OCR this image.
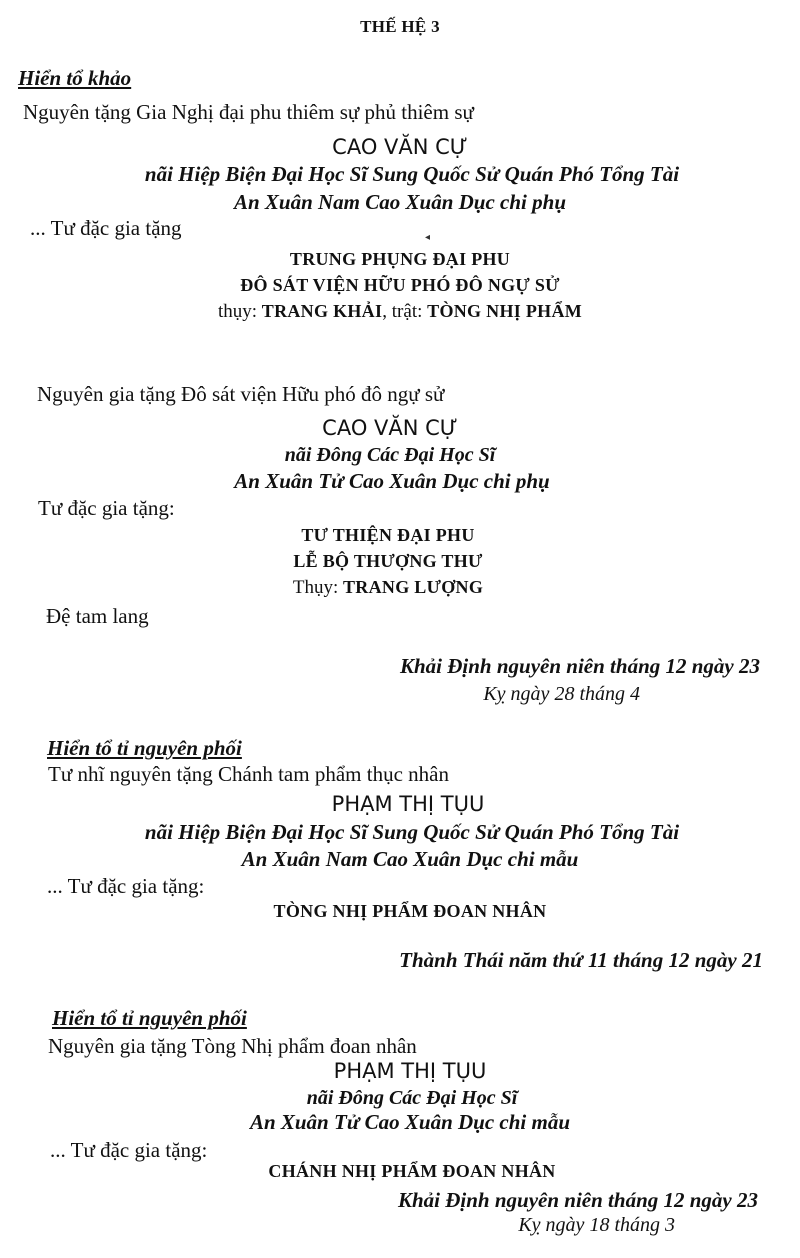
THẾ HỆ 3
Hiển tổ khảo
Nguyên tặng Gia Nghị đại phu thiêm sự phủ thiêm sự
CAO VĂN CỰ
nãi Hiệp Biện Đại Học Sĩ Sung Quốc Sử Quán Phó Tổng Tài
An Xuân Nam Cao Xuân Dục chi phụ
... Tư đặc gia tặng	◂
TRUNG PHỤNG ĐẠI PHU
ĐÔ SÁT VIỆN HỮU PHÓ ĐÔ NGỰ SỬ
thụy: TRANG KHẢI, trật: TÒNG NHỊ PHẨM
Nguyên gia tặng Đô sát viện Hữu phó đô ngự sử
CAO VĂN CỰ
nãi Đông Các Đại Học Sĩ
An Xuân Tử Cao Xuân Dục chi phụ
Tư đặc gia tặng:
TƯ THIỆN ĐẠI PHU
LỄ BỘ THƯỢNG THƯ
Thụy: TRANG LƯỢNG
Đệ tam lang
Khải Định nguyên niên tháng 12 ngày 23
Kỵ ngày 28 tháng 4
Hiển tổ tỉ nguyên phối
Tư nhĩ nguyên tặng Chánh tam phẩm thục nhân
PHẠM THỊ TỤU
nãi Hiệp Biện Đại Học Sĩ Sung Quốc Sử Quán Phó Tổng Tài
An Xuân Nam Cao Xuân Dục chi mẫu
... Tư đặc gia tặng:
TÒNG NHỊ PHẨM ĐOAN NHÂN
Thành Thái năm thứ 11 tháng 12 ngày 21
Hiển tổ tỉ nguyên phối
Nguyên gia tặng Tòng Nhị phẩm đoan nhân
PHẠM THỊ TỤU
nãi Đông Các Đại Học Sĩ
An Xuân Tử Cao Xuân Dục chi mẫu
... Tư đặc gia tặng:
CHÁNH NHỊ PHẨM ĐOAN NHÂN
Khải Định nguyên niên tháng 12 ngày 23
Kỵ ngày 18 tháng 3
